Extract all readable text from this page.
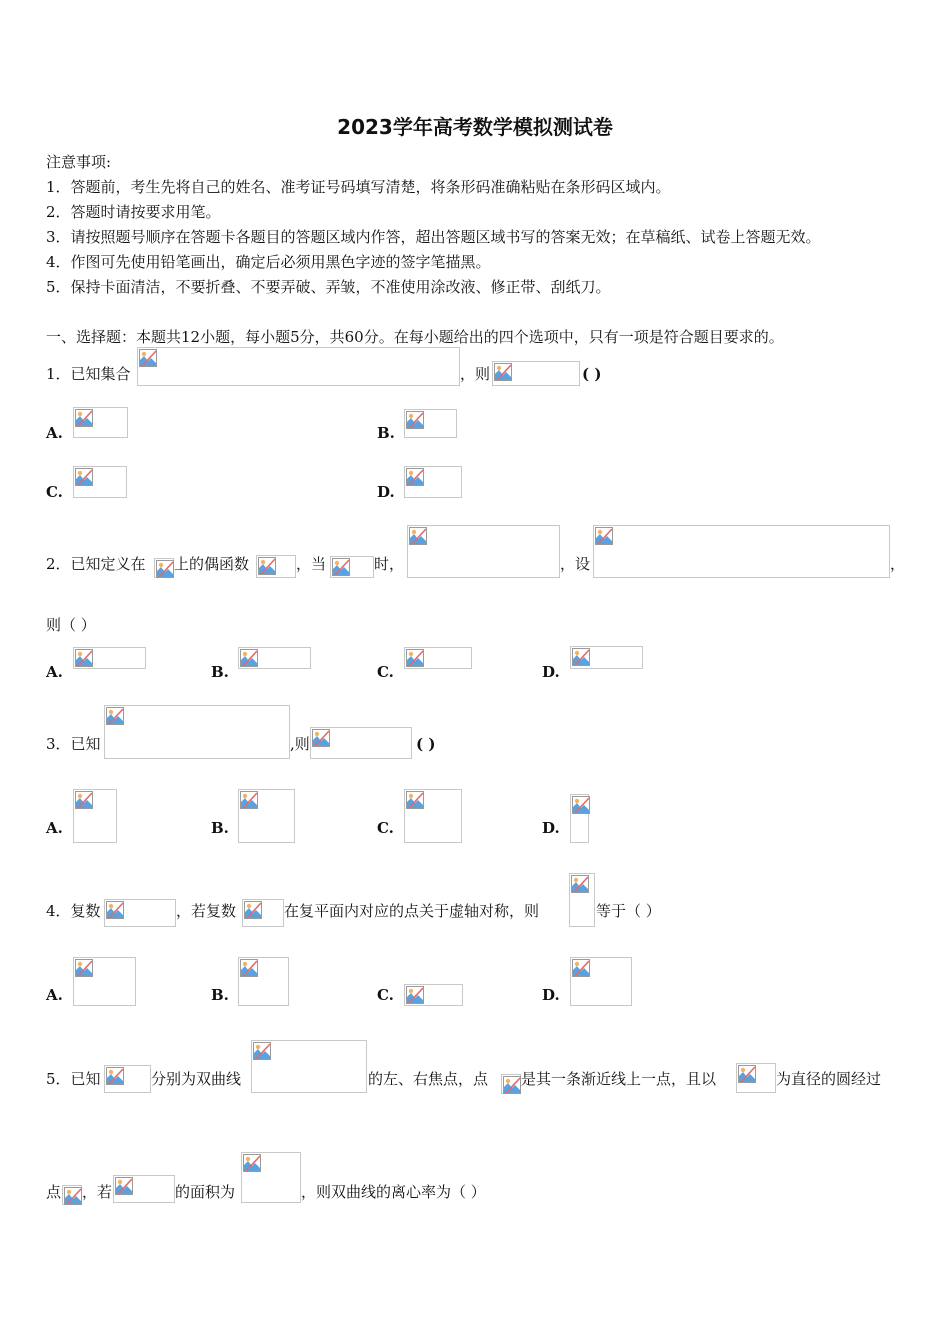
2023学年高考数学模拟测试卷
注意事项:
1．答题前，考生先将自己的姓名、准考证号码填写清楚，将条形码准确粘贴在条形码区域内。
2．答题时请按要求用笔。
3．请按照题号顺序在答题卡各题目的答题区域内作答，超出答题区域书写的答案无效；在草稿纸、试卷上答题无效。
4．作图可先使用铅笔画出，确定后必须用黑色字迹的签字笔描黑。
5．保持卡面清洁，不要折叠、不要弄破、弄皱，不准使用涂改液、修正带、刮纸刀。
一、选择题：本题共12小题，每小题5分，共60分。在每小题给出的四个选项中，只有一项是符合题目要求的。
1．已知集合	，则	( )
A.	B.
C.	D.
2．已知定义在 上的偶函数	，当	时，	，设	，
则（ ）
A.	B.	C.	D.
3．已知	,则	( )
A.	B.	C.	D.
4．复数	，若复数	在复平面内对应的点关于虚轴对称，则	等于（ ）
A.	B.	C.	D.
5．已知	分别为双曲线	的左、右焦点，点 是其一条渐近线上一点，且以	为直径的圆经过
点 ，若	的面积为	，则双曲线的离心率为（ ）
